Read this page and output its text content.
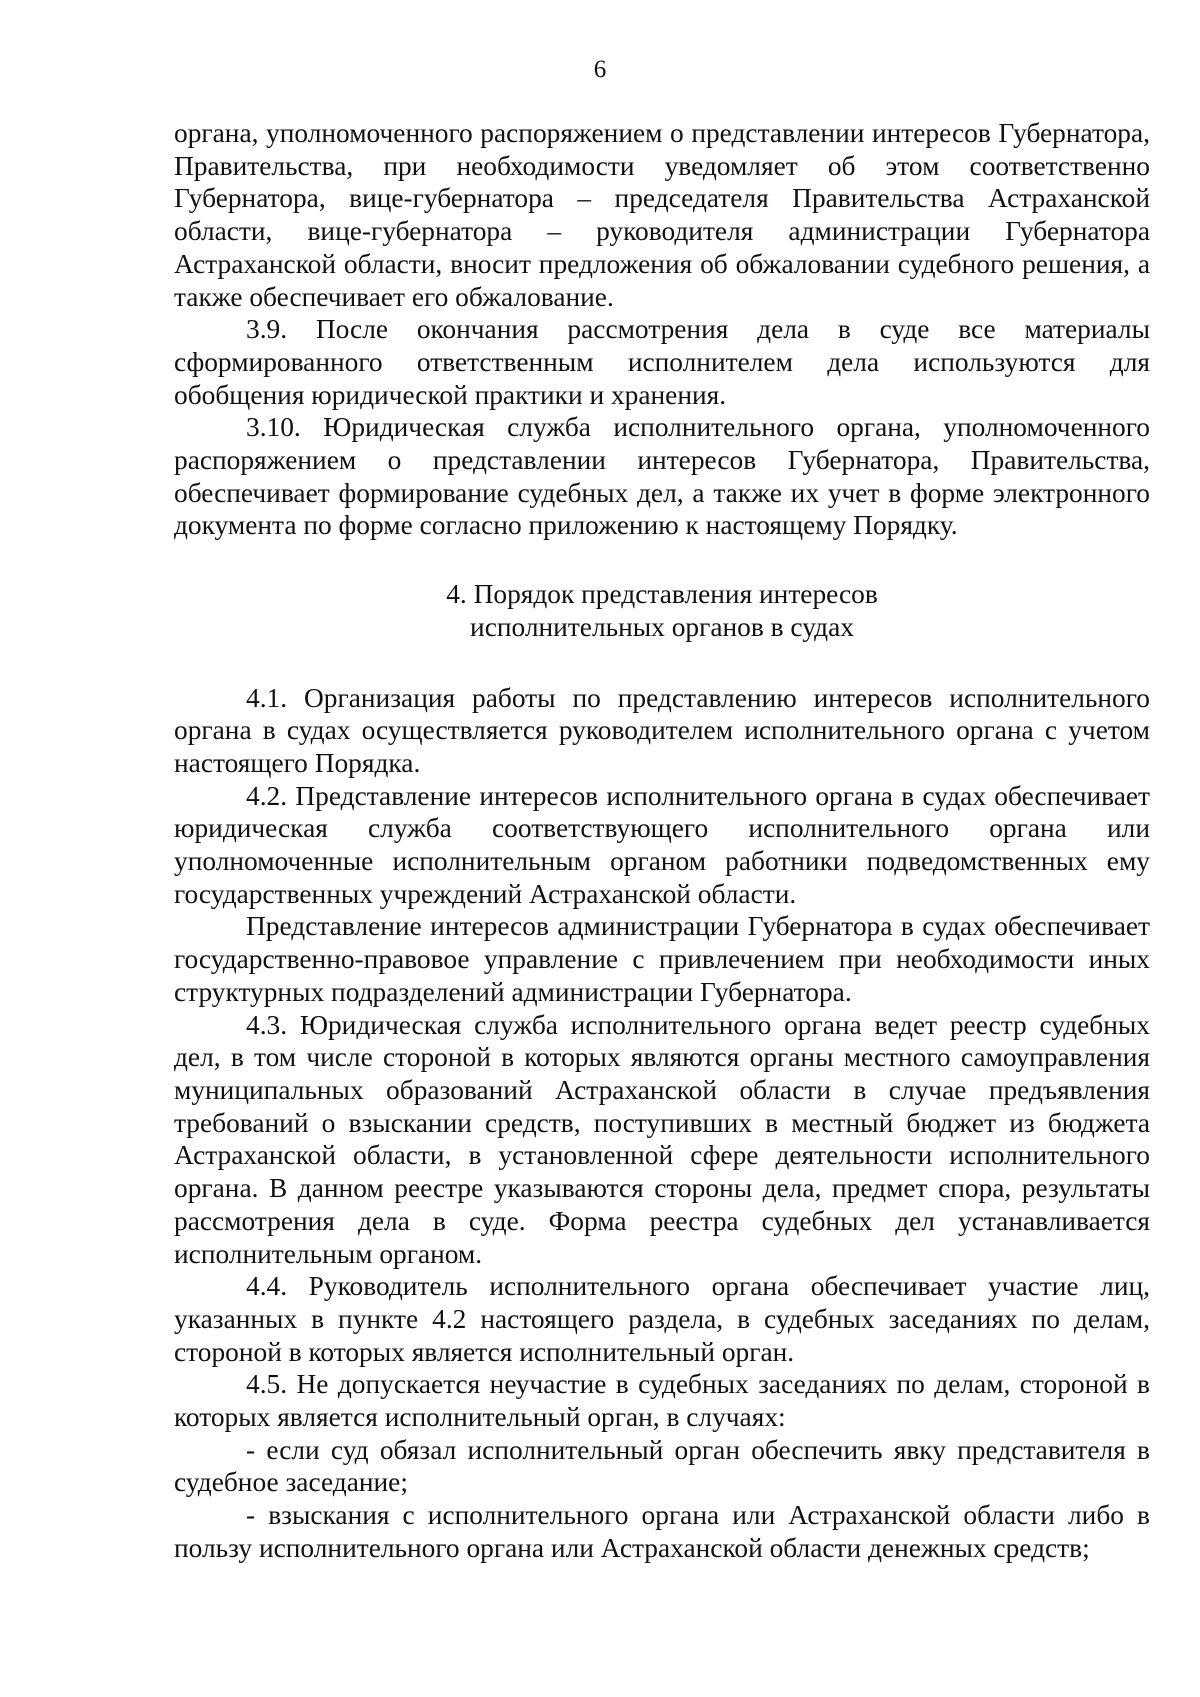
6

органа, уполномоченного распоряжением о представлении интересов Губернатора, Правительства, при необходимости уведомляет об этом соответственно Губернатора, вице-губернатора – председателя Правительства Астраханской области, вице-губернатора – руководителя администрации Губернатора Астраханской области, вносит предложения об обжаловании судебного решения, а также обеспечивает его обжалование.

3.9. После окончания рассмотрения дела в суде все материалы сформированного ответственным исполнителем дела используются для обобщения юридической практики и хранения.

3.10. Юридическая служба исполнительного органа, уполномоченного распоряжением о представлении интересов Губернатора, Правительства, обеспечивает формирование судебных дел, а также их учет в форме электронного документа по форме согласно приложению к настоящему Порядку.

4. Порядок представления интересов
исполнительных органов в судах

4.1. Организация работы по представлению интересов исполнительного органа в судах осуществляется руководителем исполнительного органа с учетом настоящего Порядка.

4.2. Представление интересов исполнительного органа в судах обеспечивает юридическая служба соответствующего исполнительного органа или уполномоченные исполнительным органом работники подведомственных ему государственных учреждений Астраханской области.

Представление интересов администрации Губернатора в судах обеспечивает государственно-правовое управление с привлечением при необходимости иных структурных подразделений администрации Губернатора.

4.3. Юридическая служба исполнительного органа ведет реестр судебных дел, в том числе стороной в которых являются органы местного самоуправления муниципальных образований Астраханской области в случае предъявления требований о взыскании средств, поступивших в местный бюджет из бюджета Астраханской области, в установленной сфере деятельности исполнительного органа. В данном реестре указываются стороны дела, предмет спора, результаты рассмотрения дела в суде. Форма реестра судебных дел устанавливается исполнительным органом.

4.4. Руководитель исполнительного органа обеспечивает участие лиц, указанных в пункте 4.2 настоящего раздела, в судебных заседаниях по делам, стороной в которых является исполнительный орган.

4.5. Не допускается неучастие в судебных заседаниях по делам, стороной в которых является исполнительный орган, в случаях:

- если суд обязал исполнительный орган обеспечить явку представителя в судебное заседание;

- взыскания с исполнительного органа или Астраханской области либо в пользу исполнительного органа или Астраханской области денежных средств;
